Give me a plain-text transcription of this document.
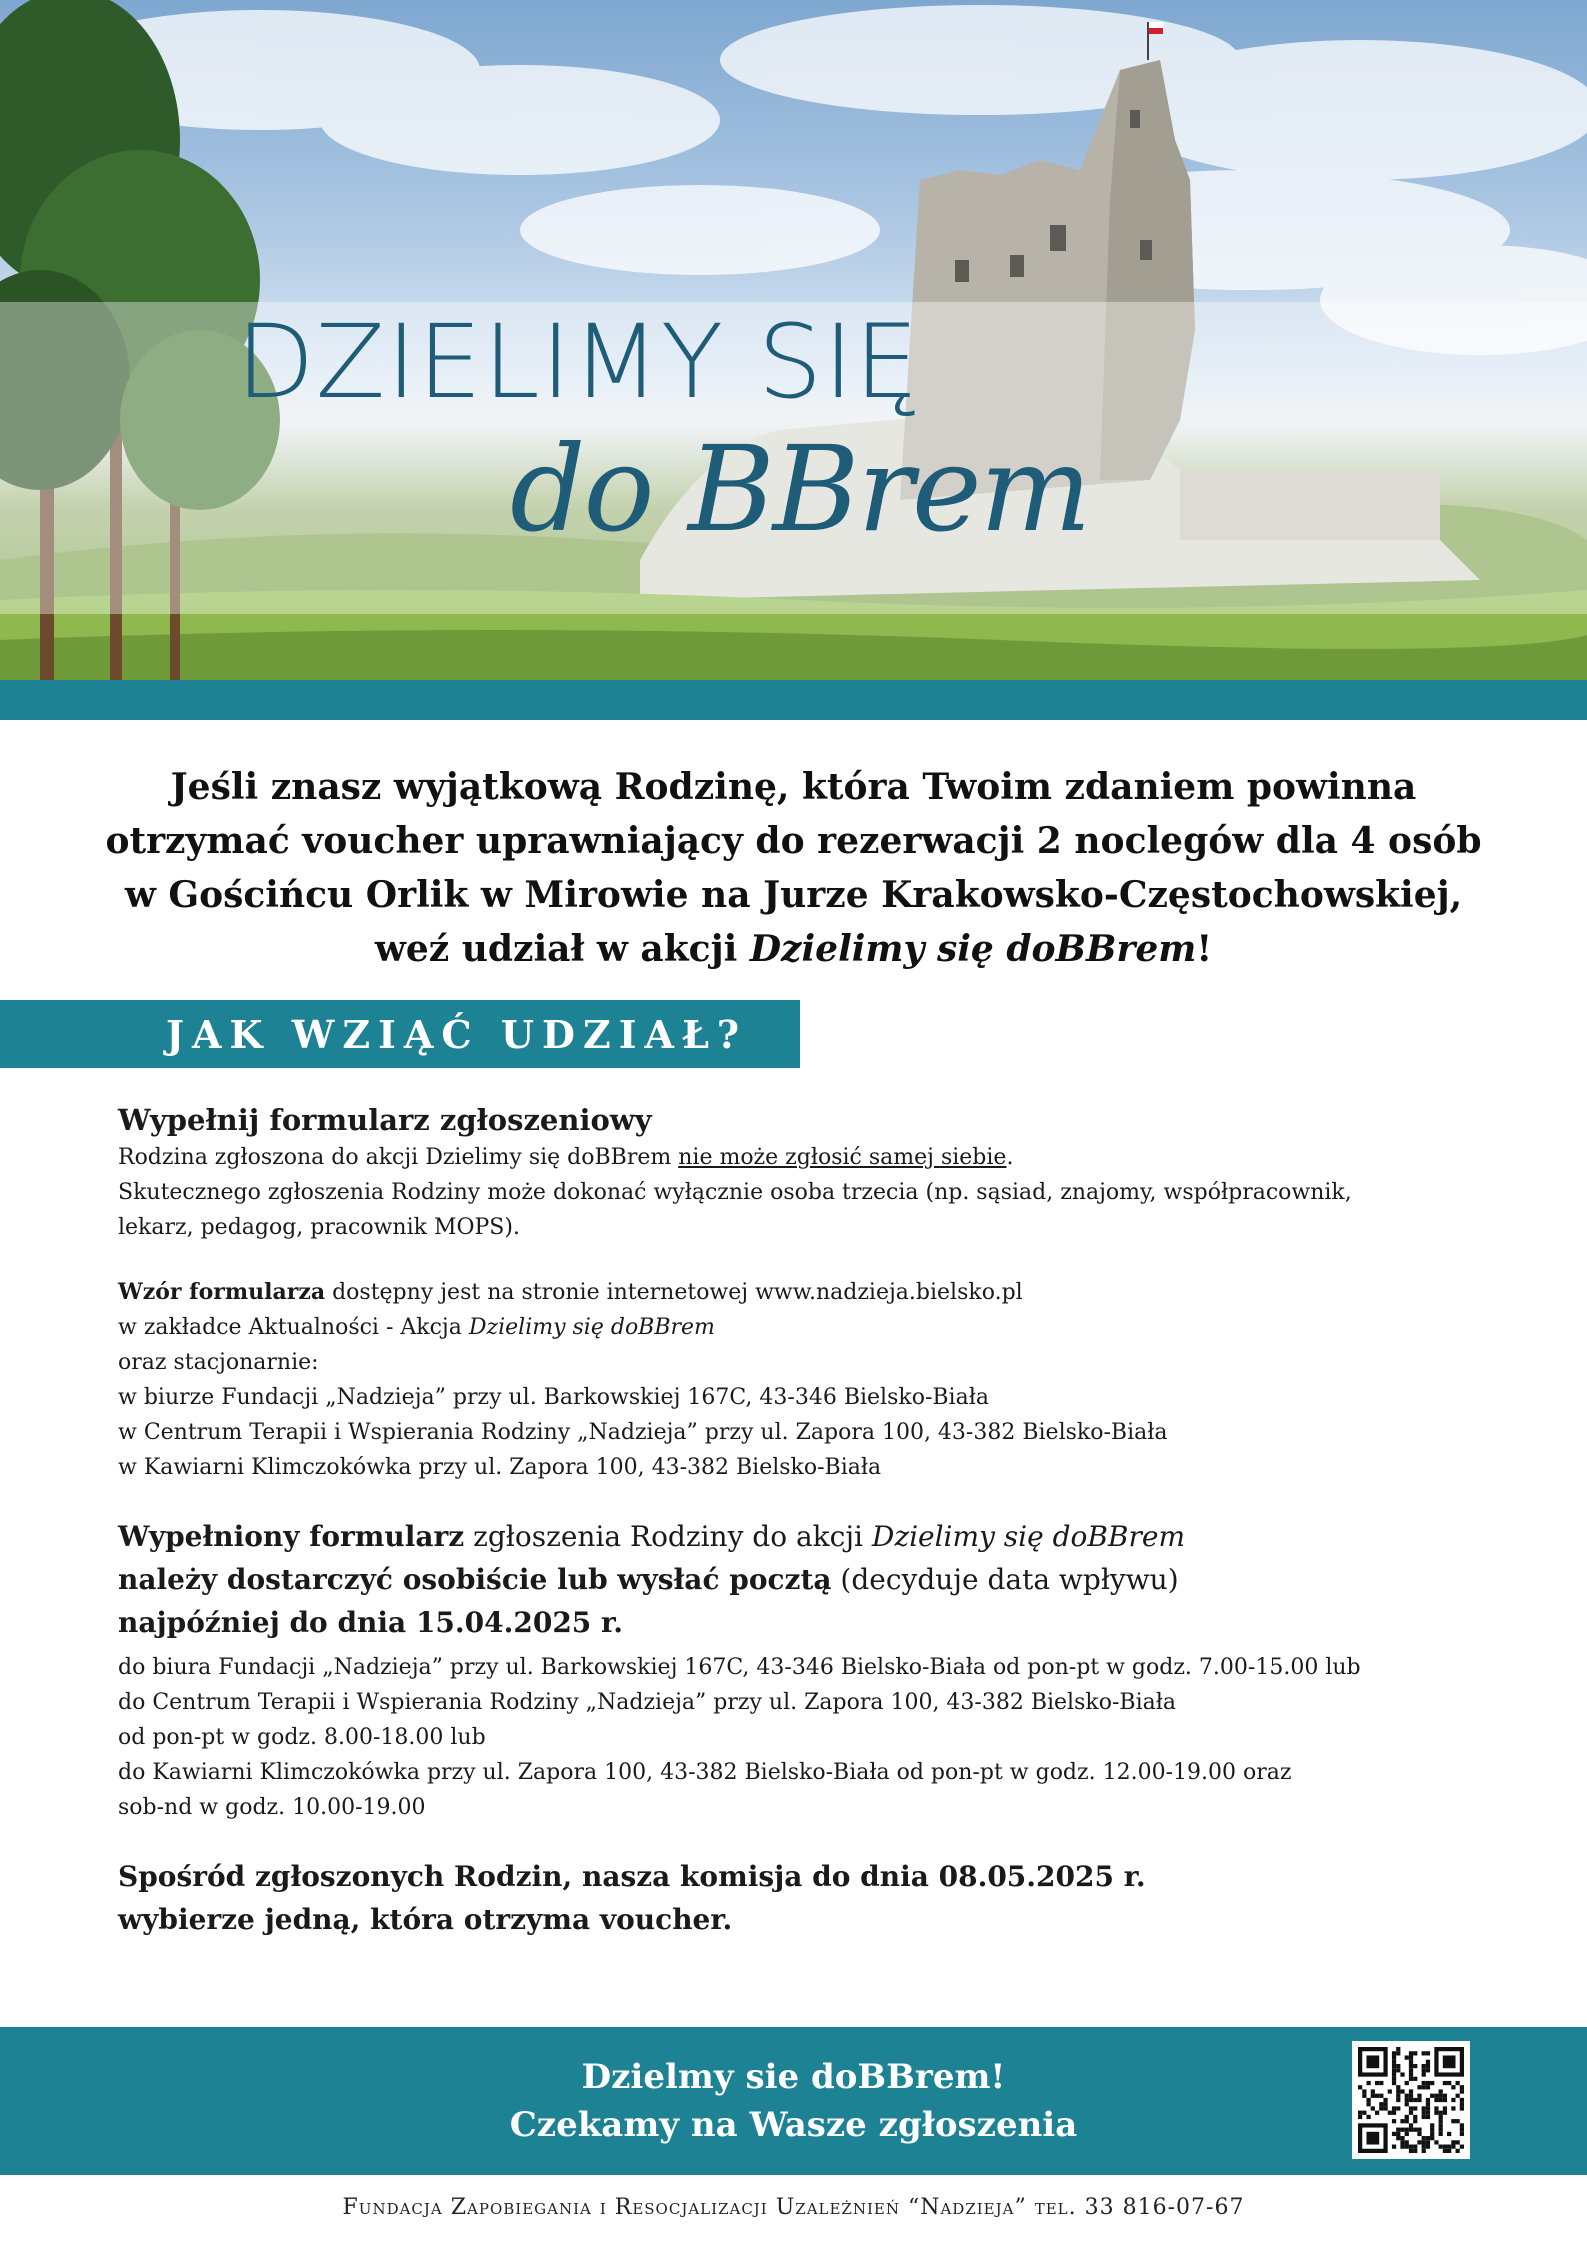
DZIELIMY SIĘ

do BBrem

Jeśli znasz wyjątkową Rodzinę, która Twoim zdaniem powinna
otrzymać voucher uprawniający do rezerwacji 2 noclegów dla 4 osób
w Gościńcu Orlik w Mirowie na Jurze Krakowsko-Częstochowskiej,
weź udział w akcji Dzielimy się doBBrem!
JAK WZIĄĆ UDZIAŁ?

Wypełnij formularz zgłoszeniowy

Rodzina zgłoszona do akcji Dzielimy się doBBrem nie może zgłosić samej siebie.

Skutecznego zgłoszenia Rodziny może dokonać wyłącznie osoba trzecia (np. sąsiad, znajomy, współpracownik,

lekarz, pedagog, pracownik MOPS).

Wzór formularza dostępny jest na stronie internetowej www.nadzieja.bielsko.pl

w zakładce Aktualności - Akcja Dzielimy się doBBrem

oraz stacjonarnie:

w biurze Fundacji „Nadzieja” przy ul. Barkowskiej 167C, 43-346 Bielsko-Biała

w Centrum Terapii i Wspierania Rodziny „Nadzieja” przy ul. Zapora 100, 43-382 Bielsko-Biała

w Kawiarni Klimczokówka przy ul. Zapora 100, 43-382 Bielsko-Biała

Wypełniony formularz zgłoszenia Rodziny do akcji Dzielimy się doBBrem

należy dostarczyć osobiście lub wysłać pocztą (decyduje data wpływu)

najpóźniej do dnia 15.04.2025 r.

do biura Fundacji „Nadzieja” przy ul. Barkowskiej 167C, 43-346 Bielsko-Biała od pon-pt w godz. 7.00-15.00 lub

do Centrum Terapii i Wspierania Rodziny „Nadzieja” przy ul. Zapora 100, 43-382 Bielsko-Biała

od pon-pt w godz. 8.00-18.00 lub

do Kawiarni Klimczokówka przy ul. Zapora 100, 43-382 Bielsko-Biała od pon-pt w godz. 12.00-19.00 oraz

sob-nd w godz. 10.00-19.00

Spośród zgłoszonych Rodzin, nasza komisja do dnia 08.05.2025 r.

wybierze jedną, która otrzyma voucher.

Dzielmy sie doBBrem!

Czekamy na Wasze zgłoszenia

Fundacja Zapobiegania i Resocjalizacji Uzależnień “Nadzieja” tel. 33 816-07-67
